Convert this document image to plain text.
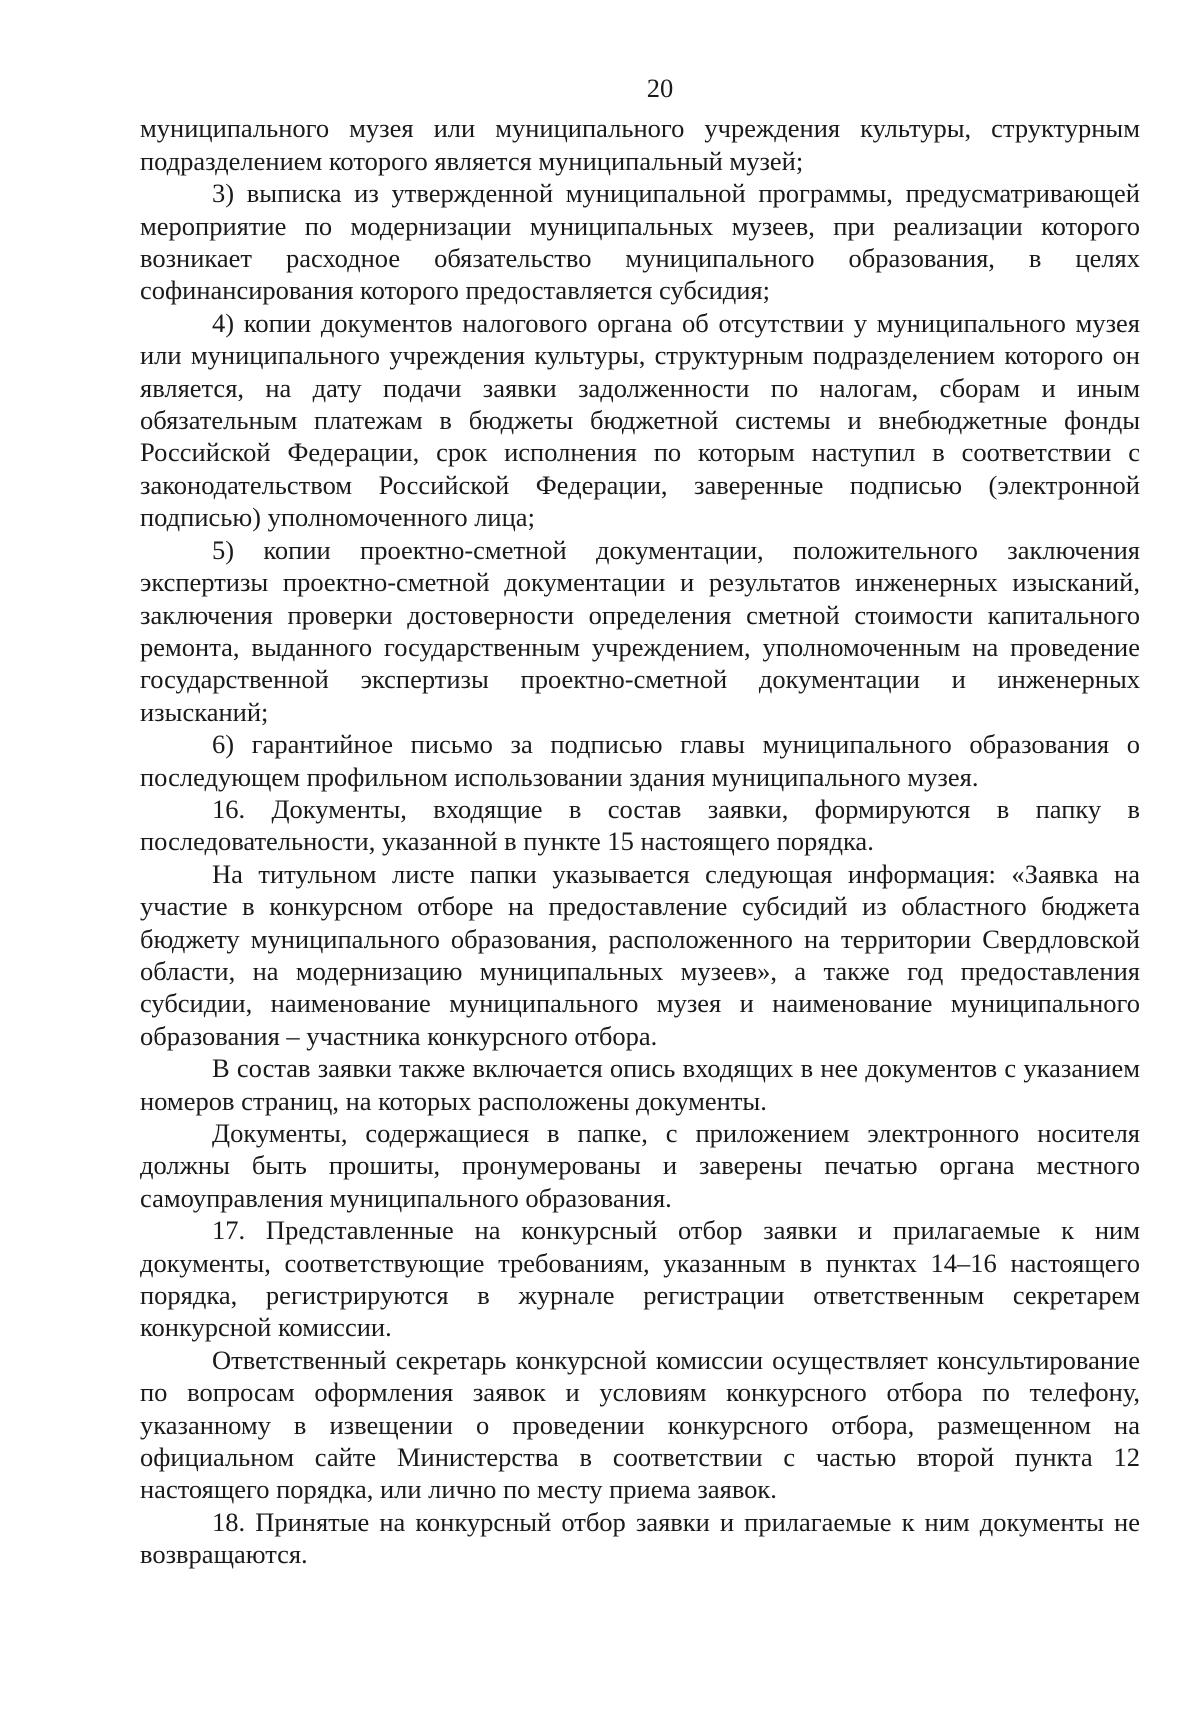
20

муниципального музея или муниципального учреждения культуры, структурным подразделением которого является муниципальный музей;

3) выписка из утвержденной муниципальной программы, предусматривающей мероприятие по модернизации муниципальных музеев, при реализации которого возникает расходное обязательство муниципального образования, в целях софинансирования которого предоставляется субсидия;

4) копии документов налогового органа об отсутствии у муниципального музея или муниципального учреждения культуры, структурным подразделением которого он является, на дату подачи заявки задолженности по налогам, сборам и иным обязательным платежам в бюджеты бюджетной системы и внебюджетные фонды Российской Федерации, срок исполнения по которым наступил в соответствии с законодательством Российской Федерации, заверенные подписью (электронной подписью) уполномоченного лица;

5) копии проектно-сметной документации, положительного заключения экспертизы проектно-сметной документации и результатов инженерных изысканий, заключения проверки достоверности определения сметной стоимости капитального ремонта, выданного государственным учреждением, уполномоченным на проведение государственной экспертизы проектно-сметной документации и инженерных изысканий;

6) гарантийное письмо за подписью главы муниципального образования о последующем профильном использовании здания муниципального музея.

16. Документы, входящие в состав заявки, формируются в папку в последовательности, указанной в пункте 15 настоящего порядка.

На титульном листе папки указывается следующая информация: «Заявка на участие в конкурсном отборе на предоставление субсидий из областного бюджета бюджету муниципального образования, расположенного на территории Свердловской области, на модернизацию муниципальных музеев», а также год предоставления субсидии, наименование муниципального музея и наименование муниципального образования – участника конкурсного отбора.

В состав заявки также включается опись входящих в нее документов с указанием номеров страниц, на которых расположены документы.

Документы, содержащиеся в папке, с приложением электронного носителя должны быть прошиты, пронумерованы и заверены печатью органа местного самоуправления муниципального образования.

17. Представленные на конкурсный отбор заявки и прилагаемые к ним документы, соответствующие требованиям, указанным в пунктах 14–16 настоящего порядка, регистрируются в журнале регистрации ответственным секретарем конкурсной комиссии.

Ответственный секретарь конкурсной комиссии осуществляет консультирование по вопросам оформления заявок и условиям конкурсного отбора по телефону, указанному в извещении о проведении конкурсного отбора, размещенном на официальном сайте Министерства в соответствии с частью второй пункта 12 настоящего порядка, или лично по месту приема заявок.

18. Принятые на конкурсный отбор заявки и прилагаемые к ним документы не возвращаются.
